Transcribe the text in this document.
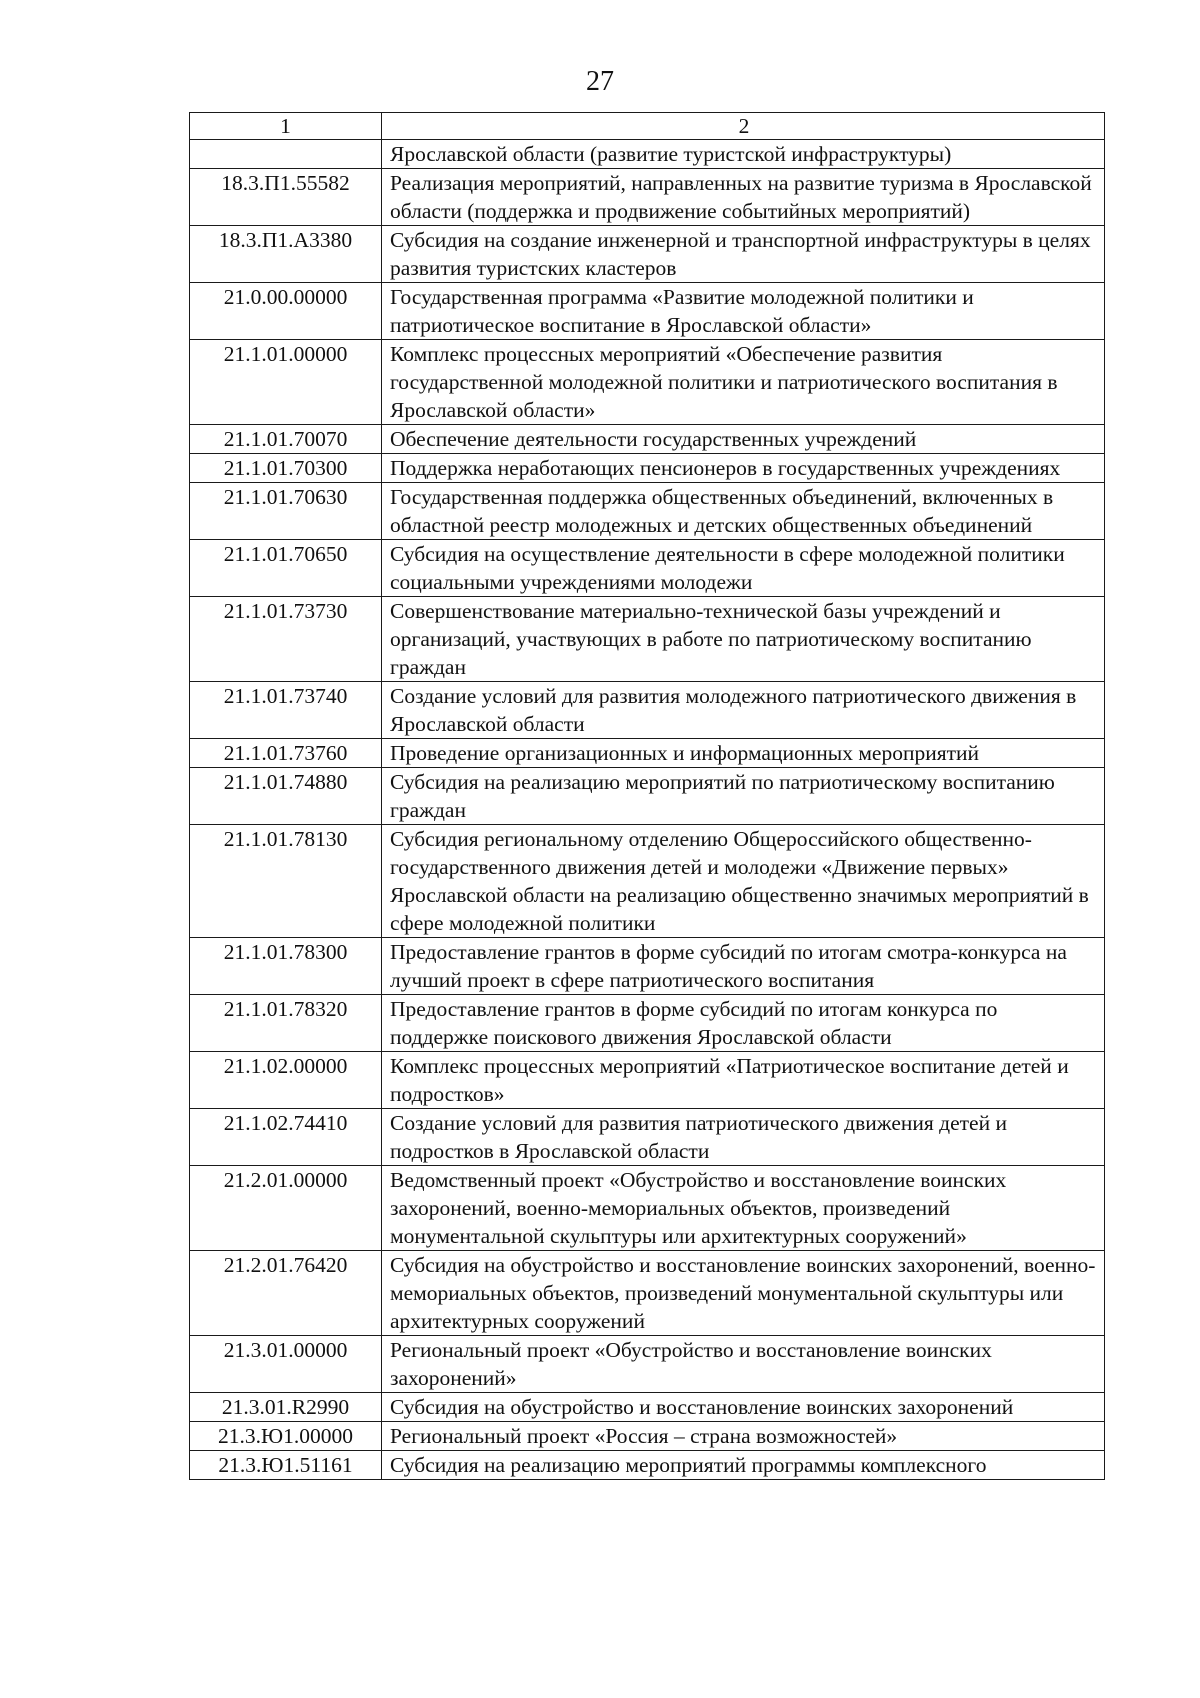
27
1	2
	Ярославской области (развитие туристской инфраструктуры)
18.3.П1.55582	Реализация мероприятий, направленных на развитие туризма в Ярославской области (поддержка и продвижение событийных мероприятий)
18.3.П1.А3380	Субсидия на создание инженерной и транспортной инфраструктуры в целях развития туристских кластеров
21.0.00.00000	Государственная программа «Развитие молодежной политики и патриотическое воспитание в Ярославской области»
21.1.01.00000	Комплекс процессных мероприятий «Обеспечение развития государственной молодежной политики и патриотического воспитания в Ярославской области»
21.1.01.70070	Обеспечение деятельности государственных учреждений
21.1.01.70300	Поддержка неработающих пенсионеров в государственных учреждениях
21.1.01.70630	Государственная поддержка общественных объединений, включенных в областной реестр молодежных и детских общественных объединений
21.1.01.70650	Субсидия на осуществление деятельности в сфере молодежной политики социальными учреждениями молодежи
21.1.01.73730	Совершенствование материально-технической базы учреждений и организаций, участвующих в работе по патриотическому воспитанию граждан
21.1.01.73740	Создание условий для развития молодежного патриотического движения в Ярославской области
21.1.01.73760	Проведение организационных и информационных мероприятий
21.1.01.74880	Субсидия на реализацию мероприятий по патриотическому воспитанию граждан
21.1.01.78130	Субсидия региональному отделению Общероссийского общественно-государственного движения детей и молодежи «Движение первых» Ярославской области на реализацию общественно значимых мероприятий в сфере молодежной политики
21.1.01.78300	Предоставление грантов в форме субсидий по итогам смотра-конкурса на лучший проект в сфере патриотического воспитания
21.1.01.78320	Предоставление грантов в форме субсидий по итогам конкурса по поддержке поискового движения Ярославской области
21.1.02.00000	Комплекс процессных мероприятий «Патриотическое воспитание детей и подростков»
21.1.02.74410	Создание условий для развития патриотического движения детей и подростков в Ярославской области
21.2.01.00000	Ведомственный проект «Обустройство и восстановление воинских захоронений, военно-мемориальных объектов, произведений монументальной скульптуры или архитектурных сооружений»
21.2.01.76420	Субсидия на обустройство и восстановление воинских захоронений, военно-мемориальных объектов, произведений монументальной скульптуры или архитектурных сооружений
21.3.01.00000	Региональный проект «Обустройство и восстановление воинских захоронений»
21.3.01.R2990	Субсидия на обустройство и восстановление воинских захоронений
21.3.Ю1.00000	Региональный проект «Россия – страна возможностей»
21.3.Ю1.51161	Субсидия на реализацию мероприятий программы комплексного
